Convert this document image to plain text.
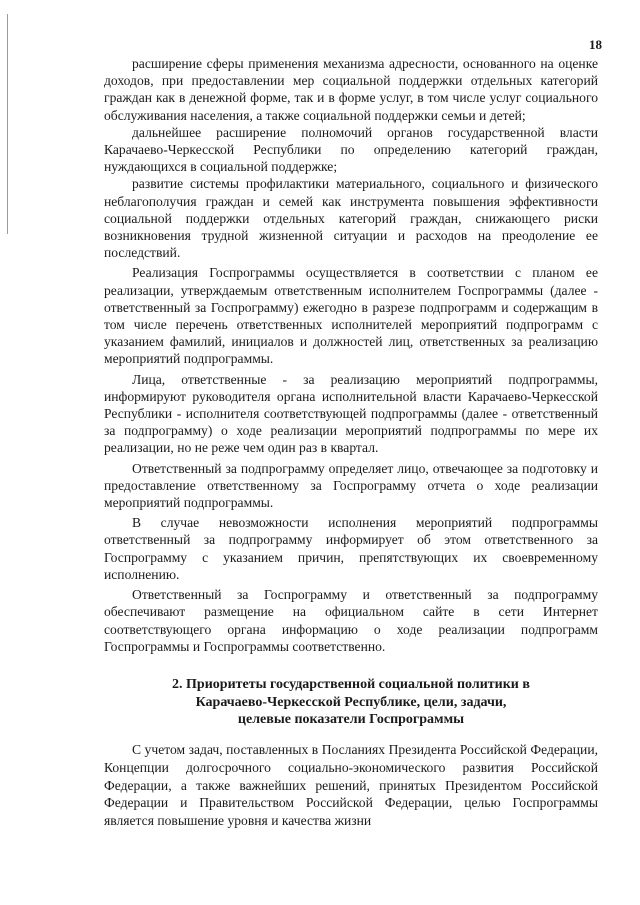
18

расширение сферы применения механизма адресности, основанного на оценке доходов, при предоставлении мер социальной поддержки отдельных категорий граждан как в денежной форме, так и в форме услуг, в том числе услуг социального обслуживания населения, а также социальной поддержки семьи и детей;

дальнейшее расширение полномочий органов государственной власти Карачаево-Черкесской Республики по определению категорий граждан, нуждающихся в социальной поддержке;

развитие системы профилактики материального, социального и физического неблагополучия граждан и семей как инструмента повышения эффективности социальной поддержки отдельных категорий граждан, снижающего риски возникновения трудной жизненной ситуации и расходов на преодоление ее последствий.

Реализация Госпрограммы осуществляется в соответствии с планом ее реализации, утверждаемым ответственным исполнителем Госпрограммы (далее - ответственный за Госпрограмму) ежегодно в разрезе подпрограмм и содержащим в том числе перечень ответственных исполнителей мероприятий подпрограмм с указанием фамилий, инициалов и должностей лиц, ответственных за реализацию мероприятий подпрограммы.

Лица, ответственные - за реализацию мероприятий подпрограммы, информируют руководителя органа исполнительной власти Карачаево-Черкесской Республики - исполнителя соответствующей подпрограммы (далее - ответственный за подпрограмму) о ходе реализации мероприятий подпрограммы по мере их реализации, но не реже чем один раз в квартал.

Ответственный за подпрограмму определяет лицо, отвечающее за подготовку и предоставление ответственному за Госпрограмму отчета о ходе реализации мероприятий подпрограммы.

В случае невозможности исполнения мероприятий подпрограммы ответственный за подпрограмму информирует об этом ответственного за Госпрограмму с указанием причин, препятствующих их своевременному исполнению.

Ответственный за Госпрограмму и ответственный за подпрограмму обеспечивают размещение на официальном сайте в сети Интернет соответствующего органа информацию о ходе реализации подпрограмм Госпрограммы и Госпрограммы соответственно.

2. Приоритеты государственной социальной политики в
Карачаево-Черкесской Республике, цели, задачи,
целевые показатели Госпрограммы

С учетом задач, поставленных в Посланиях Президента Российской Федерации, Концепции долгосрочного социально-экономического развития Российской Федерации, а также важнейших решений, принятых Президентом Российской Федерации и Правительством Российской Федерации, целью Госпрограммы является повышение уровня и качества жизни
